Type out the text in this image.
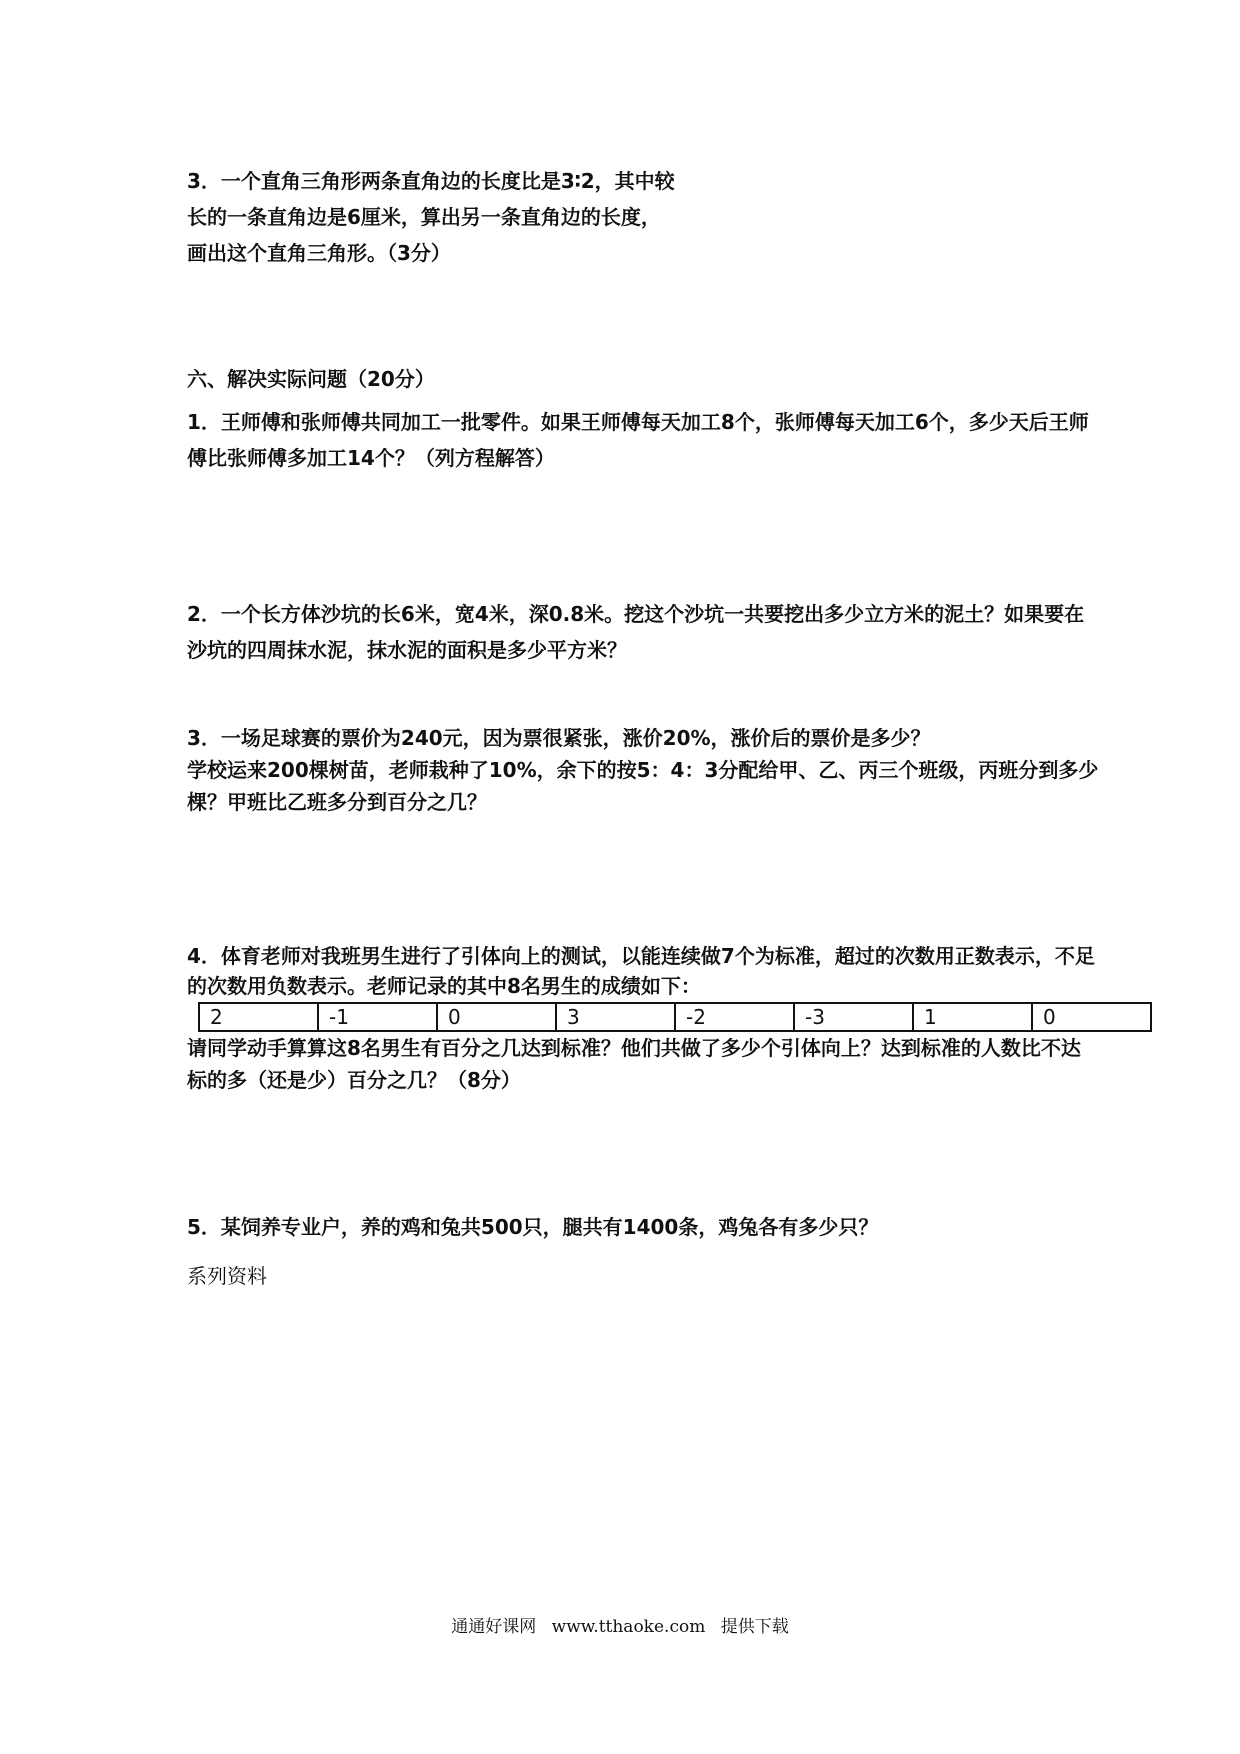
3．一个直角三角形两条直角边的长度比是3∶2，其中较

长的一条直角边是6厘米，算出另一条直角边的长度，

画出这个直角三角形。（3分）

六、解决实际问题（20分）

1．王师傅和张师傅共同加工一批零件。如果王师傅每天加工8个，张师傅每天加工6个，多少天后王师

傅比张师傅多加工14个？（列方程解答）

2．一个长方体沙坑的长6米，宽4米，深0.8米。挖这个沙坑一共要挖出多少立方米的泥土？如果要在

沙坑的四周抹水泥，抹水泥的面积是多少平方米？

3．一场足球赛的票价为240元，因为票很紧张，涨价20%，涨价后的票价是多少？

学校运来200棵树苗，老师栽种了10%，余下的按5：4：3分配给甲、乙、丙三个班级，丙班分到多少

棵？甲班比乙班多分到百分之几？

4．体育老师对我班男生进行了引体向上的测试，以能连续做7个为标准，超过的次数用正数表示，不足

的次数用负数表示。老师记录的其中8名男生的成绩如下：

2	-1	0	3	-2	-3	1	0

请同学动手算算这8名男生有百分之几达到标准？他们共做了多少个引体向上？达到标准的人数比不达

标的多（还是少）百分之几？（8分）

5．某饲养专业户，养的鸡和兔共500只，腿共有1400条，鸡兔各有多少只？

系列资料

通通好课网 www.tthaoke.com 提供下载
